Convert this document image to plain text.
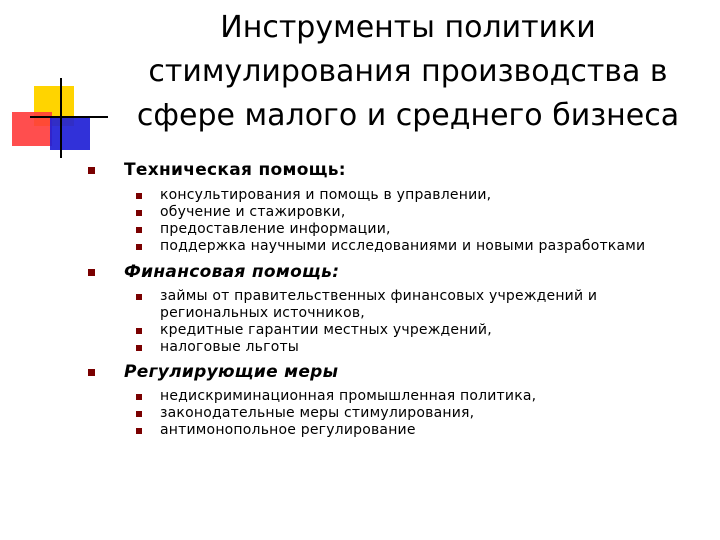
Инструменты политики стимулирования производства в сфере малого и среднего бизнеса
Техническая помощь:
консультирования и помощь в управлении,
обучение и стажировки,
предоставление информации,
поддержка научными исследованиями и новыми разработками
Финансовая помощь:
займы от правительственных финансовых учреждений и региональных источников,
кредитные гарантии местных учреждений,
налоговые льготы
Регулирующие меры
недискриминационная промышленная политика,
законодательные меры стимулирования,
антимонопольное регулирование
